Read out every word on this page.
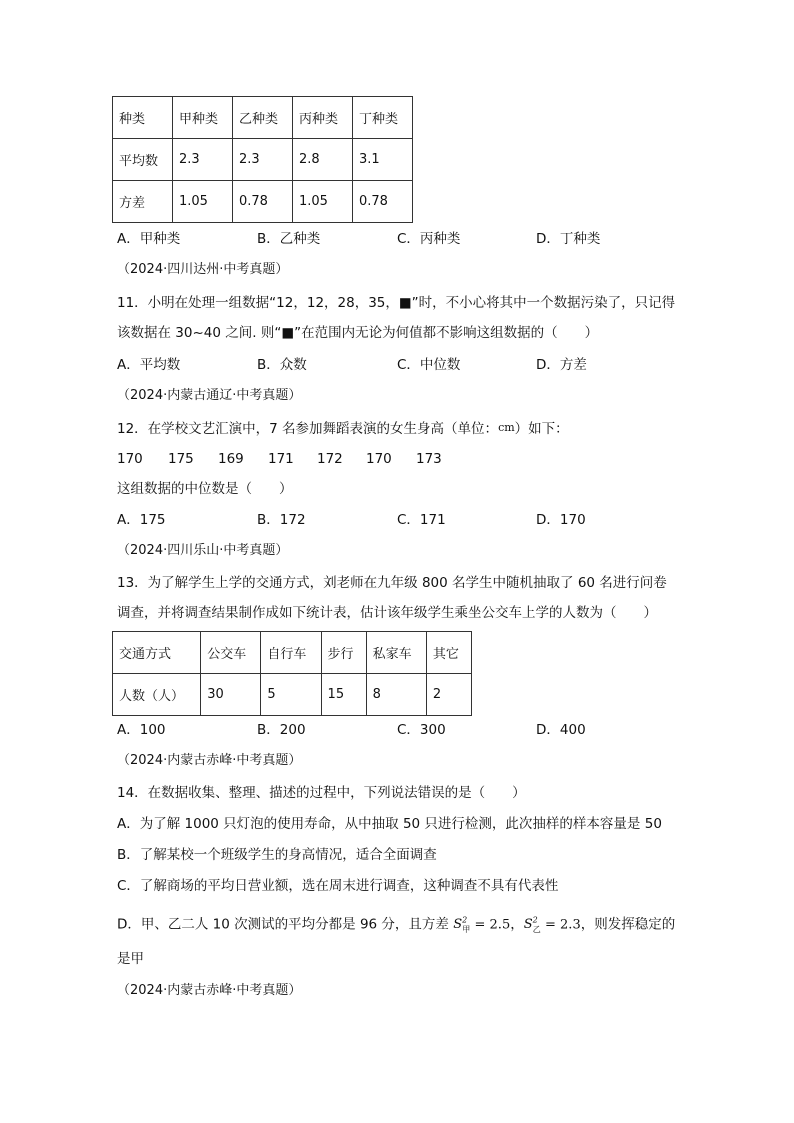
种类	甲种类	乙种类	丙种类	丁种类
平均数	2.3	2.3	2.8	3.1
方差	1.05	0.78	1.05	0.78
A．甲种类	B．乙种类	C．丙种类	D．丁种类
（2024·四川达州·中考真题）

11．小明在处理一组数据“12，12，28，35，■”时，不小心将其中一个数据污染了，只记得

该数据在 30~40 之间. 则“■”在范围内无论为何值都不影响这组数据的（　　）

A．平均数	B．众数	C．中位数	D．方差
（2024·内蒙古通辽·中考真题）

12．在学校文艺汇演中，7 名参加舞蹈表演的女生身高（单位：cm）如下：

170 175 169 171 172 170 173

这组数据的中位数是（　　）

A．175	B．172	C．171	D．170
（2024·四川乐山·中考真题）

13．为了解学生上学的交通方式，刘老师在九年级 800 名学生中随机抽取了 60 名进行问卷

调查，并将调查结果制作成如下统计表，估计该年级学生乘坐公交车上学的人数为（　　）

交通方式	公交车	自行车	步行	私家车	其它
人数（人）	30	5	15	8	2
A．100	B．200	C．300	D．400
（2024·内蒙古赤峰·中考真题）

14．在数据收集、整理、描述的过程中，下列说法错误的是（　　）

A．为了解 1000 只灯泡的使用寿命，从中抽取 50 只进行检测，此次抽样的样本容量是 50

B．了解某校一个班级学生的身高情况，适合全面调查

C．了解商场的平均日营业额，选在周末进行调查，这种调查不具有代表性

D．甲、乙二人 10 次测试的平均分都是 96 分，且方差 $S^2_甲 = 2.5$，$S^2_乙 = 2.3$，则发挥稳定的

是甲

（2024·内蒙古赤峰·中考真题）
